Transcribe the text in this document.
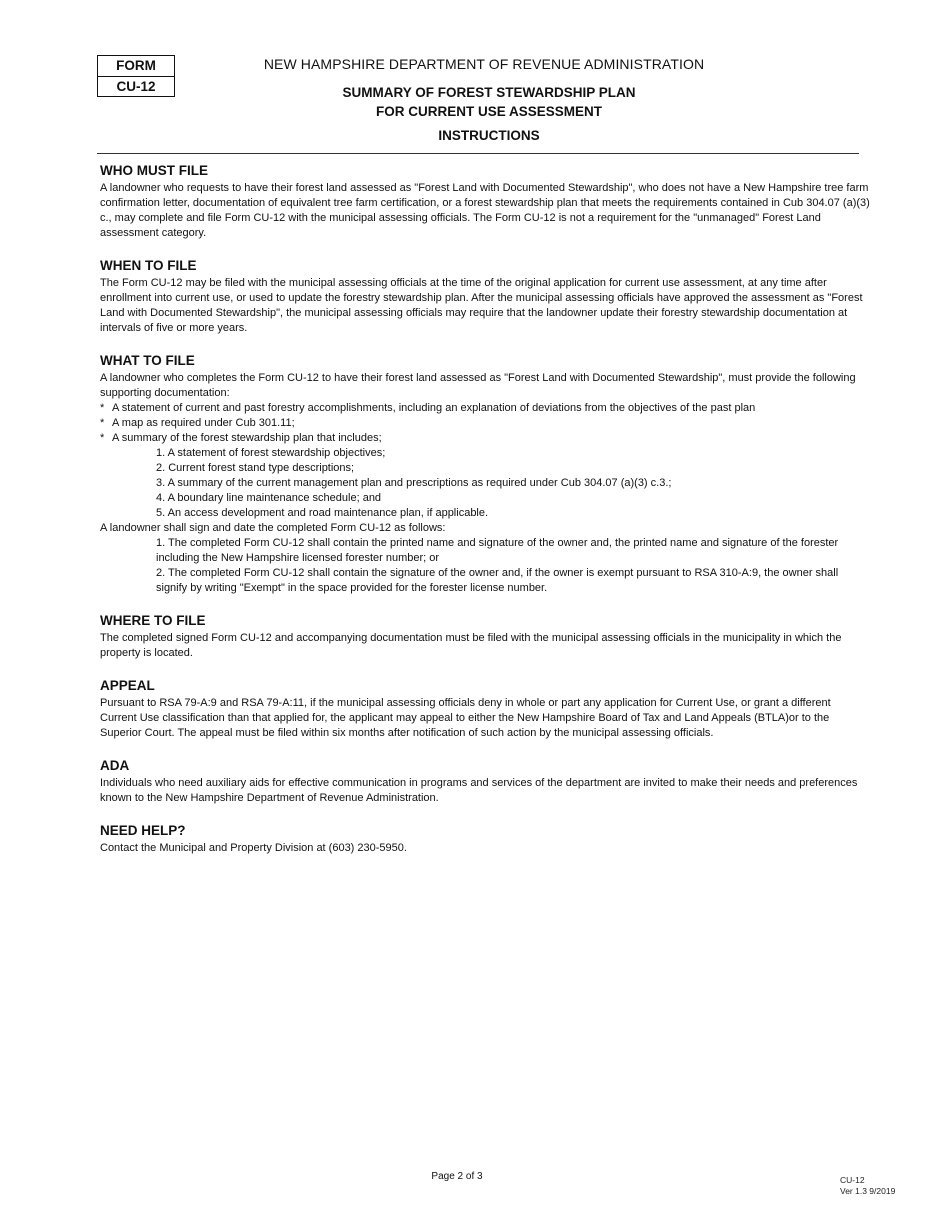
FORM
CU-12
NEW HAMPSHIRE DEPARTMENT OF REVENUE ADMINISTRATION
SUMMARY OF FOREST STEWARDSHIP PLAN
FOR CURRENT USE ASSESSMENT
INSTRUCTIONS
WHO MUST FILE

A landowner who requests to have their forest land assessed as "Forest Land with Documented Stewardship", who does not have a New Hampshire tree farm confirmation letter, documentation of equivalent tree farm certification, or a forest stewardship plan that meets the requirements contained in Cub 304.07 (a)(3) c., may complete and file Form CU-12 with the municipal assessing officials. The Form CU-12 is not a requirement for the "unmanaged" Forest Land assessment category.

WHEN TO FILE

The Form CU-12 may be filed with the municipal assessing officials at the time of the original application for current use assessment, at any time after enrollment into current use, or used to update the forestry stewardship plan. After the municipal assessing officials have approved the assessment as "Forest Land with Documented Stewardship", the municipal assessing officials may require that the landowner update their forestry stewardship documentation at intervals of five or more years.

WHAT TO FILE

A landowner who completes the Form CU-12 to have their forest land assessed as "Forest Land with Documented Stewardship", must provide the following supporting documentation:

* A statement of current and past forestry accomplishments, including an explanation of deviations from the objectives of the past plan
* A map as required under Cub 301.11;
* A summary of the forest stewardship plan that includes;
1. A statement of forest stewardship objectives;
2. Current forest stand type descriptions;
3. A summary of the current management plan and prescriptions as required under Cub 304.07 (a)(3) c.3.;
4. A boundary line maintenance schedule; and
5. An access development and road maintenance plan, if applicable.

A landowner shall sign and date the completed Form CU-12 as follows:

1. The completed Form CU-12 shall contain the printed name and signature of the owner and, the printed name and signature of the forester including the New Hampshire licensed forester number; or

2. The completed Form CU-12 shall contain the signature of the owner and, if the owner is exempt pursuant to RSA 310-A:9, the owner shall signify by writing "Exempt" in the space provided for the forester license number.

WHERE TO FILE

The completed signed Form CU-12 and accompanying documentation must be filed with the municipal assessing officials in the municipality in which the property is located.

APPEAL

Pursuant to RSA 79-A:9 and RSA 79-A:11, if the municipal assessing officials deny in whole or part any application for Current Use, or grant a different Current Use classification than that applied for, the applicant may appeal to either the New Hampshire Board of Tax and Land Appeals (BTLA)or to the Superior Court. The appeal must be filed within six months after notification of such action by the municipal assessing officials.

ADA

Individuals who need auxiliary aids for effective communication in programs and services of the department are invited to make their needs and preferences known to the New Hampshire Department of Revenue Administration.

NEED HELP?

Contact the Municipal and Property Division at (603) 230-5950.

Page 2 of 3	CU-12
Ver 1.3 9/2019
